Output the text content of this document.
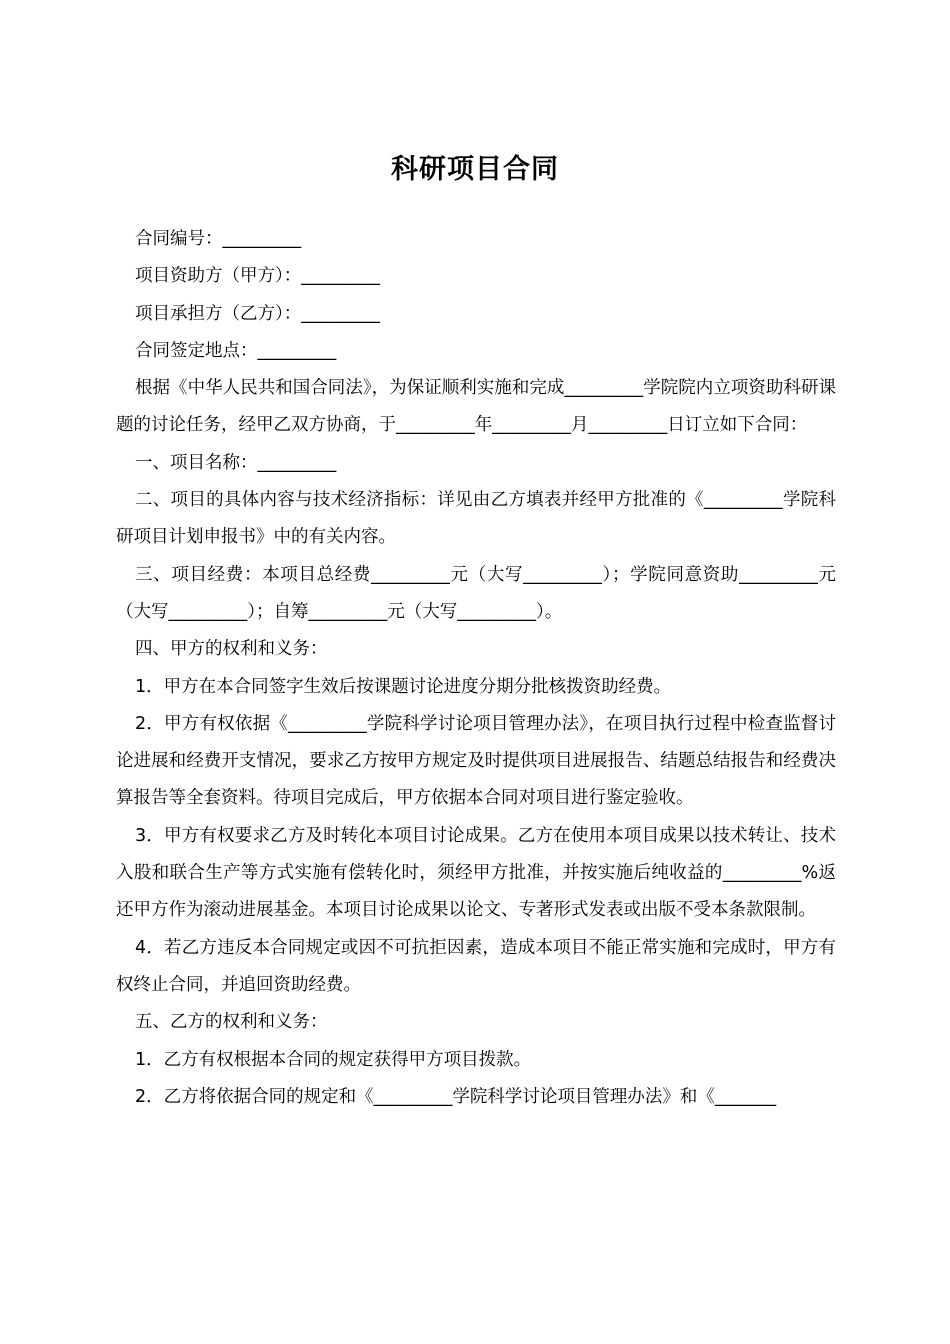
科研项目合同

合同编号：_________

项目资助方（甲方）：_________

项目承担方（乙方）：_________

合同签定地点：_________

根据《中华人民共和国合同法》，为保证顺利实施和完成_________学院院内立项资助科研课题的讨论任务，经甲乙双方协商，于_________年_________月_________日订立如下合同：

一、项目名称：_________

二、项目的具体内容与技术经济指标：详见由乙方填表并经甲方批准的《_________学院科研项目计划申报书》中的有关内容。

三、项目经费：本项目总经费_________元（大写_________）；学院同意资助_________元（大写_________）；自筹_________元（大写_________）。

四、甲方的权利和义务：

1．甲方在本合同签字生效后按课题讨论进度分期分批核拨资助经费。

2．甲方有权依据《_________学院科学讨论项目管理办法》，在项目执行过程中检查监督讨论进展和经费开支情况，要求乙方按甲方规定及时提供项目进展报告、结题总结报告和经费决算报告等全套资料。待项目完成后，甲方依据本合同对项目进行鉴定验收。

3．甲方有权要求乙方及时转化本项目讨论成果。乙方在使用本项目成果以技术转让、技术入股和联合生产等方式实施有偿转化时，须经甲方批准，并按实施后纯收益的_________%返还甲方作为滚动进展基金。本项目讨论成果以论文、专著形式发表或出版不受本条款限制。

4．若乙方违反本合同规定或因不可抗拒因素，造成本项目不能正常实施和完成时，甲方有权终止合同，并追回资助经费。

五、乙方的权利和义务：

1．乙方有权根据本合同的规定获得甲方项目拨款。

2．乙方将依据合同的规定和《_________学院科学讨论项目管理办法》和《_______
